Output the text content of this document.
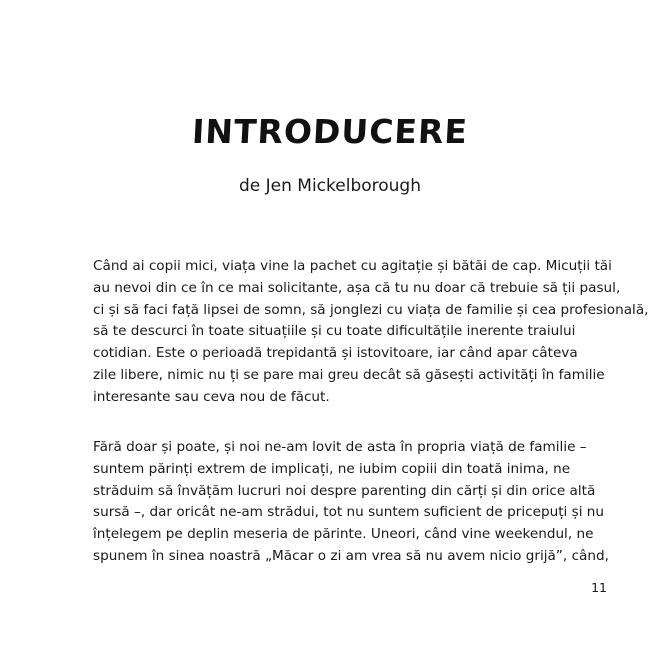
INTRODUCERE
de Jen Mickelborough
Când ai copii mici, viața vine la pachet cu agitație și bătăi de cap. Micuții tăi
au nevoi din ce în ce mai solicitante, așa că tu nu doar că trebuie să ții pasul,
ci și să faci față lipsei de somn, să jonglezi cu viața de familie și cea profesională,
să te descurci în toate situațiile și cu toate dificultățile inerente traiului
cotidian. Este o perioadă trepidantă și istovitoare, iar când apar câteva
zile libere, nimic nu ți se pare mai greu decât să găsești activități în familie
interesante sau ceva nou de făcut.
Fără doar și poate, și noi ne-am lovit de asta în propria viață de familie –
suntem părinți extrem de implicați, ne iubim copiii din toată inima, ne
străduim să învățăm lucruri noi despre parenting din cărți și din orice altă
sursă –, dar oricât ne-am strădui, tot nu suntem suficient de pricepuți și nu
înțelegem pe deplin meseria de părinte. Uneori, când vine weekendul, ne
spunem în sinea noastră „Măcar o zi am vrea să nu avem nicio grijă”, când,
11
